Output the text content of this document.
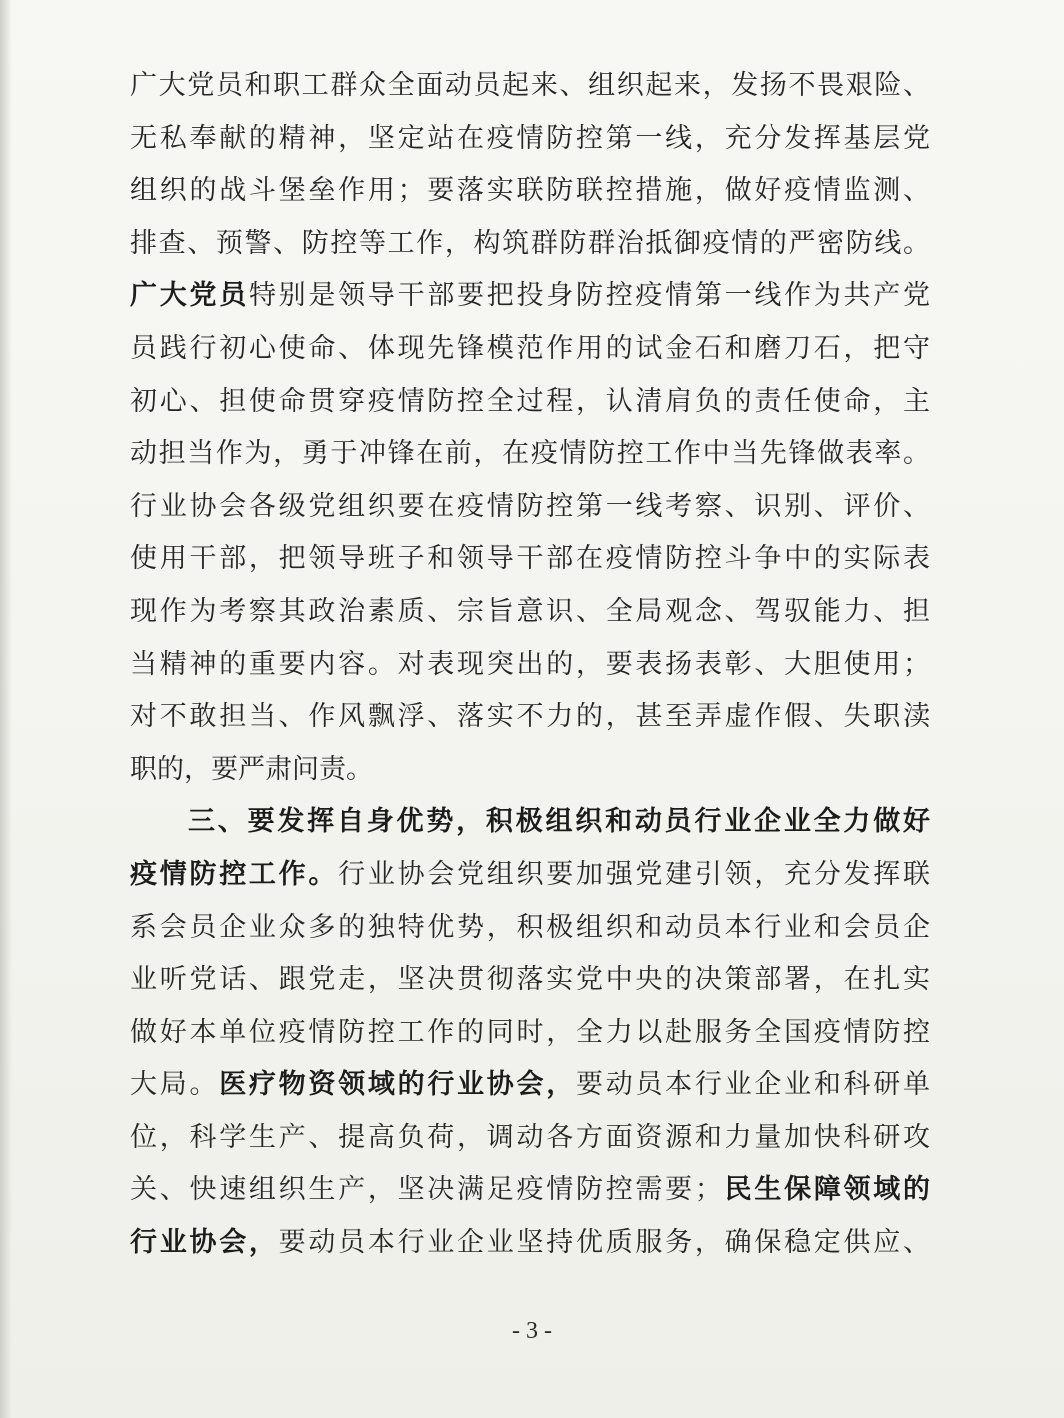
广大党员和职工群众全面动员起来、组织起来，发扬不畏艰险、
无私奉献的精神，坚定站在疫情防控第一线，充分发挥基层党
组织的战斗堡垒作用；要落实联防联控措施，做好疫情监测、
排查、预警、防控等工作，构筑群防群治抵御疫情的严密防线。
广大党员特别是领导干部要把投身防控疫情第一线作为共产党
员践行初心使命、体现先锋模范作用的试金石和磨刀石，把守
初心、担使命贯穿疫情防控全过程，认清肩负的责任使命，主
动担当作为，勇于冲锋在前，在疫情防控工作中当先锋做表率。
行业协会各级党组织要在疫情防控第一线考察、识别、评价、
使用干部，把领导班子和领导干部在疫情防控斗争中的实际表
现作为考察其政治素质、宗旨意识、全局观念、驾驭能力、担
当精神的重要内容。对表现突出的，要表扬表彰、大胆使用；
对不敢担当、作风飘浮、落实不力的，甚至弄虚作假、失职渎
职的，要严肃问责。
三、要发挥自身优势，积极组织和动员行业企业全力做好
疫情防控工作。行业协会党组织要加强党建引领，充分发挥联
系会员企业众多的独特优势，积极组织和动员本行业和会员企
业听党话、跟党走，坚决贯彻落实党中央的决策部署，在扎实
做好本单位疫情防控工作的同时，全力以赴服务全国疫情防控
大局。医疗物资领域的行业协会，要动员本行业企业和科研单
位，科学生产、提高负荷，调动各方面资源和力量加快科研攻
关、快速组织生产，坚决满足疫情防控需要；民生保障领域的
行业协会，要动员本行业企业坚持优质服务，确保稳定供应、
- 3 -
